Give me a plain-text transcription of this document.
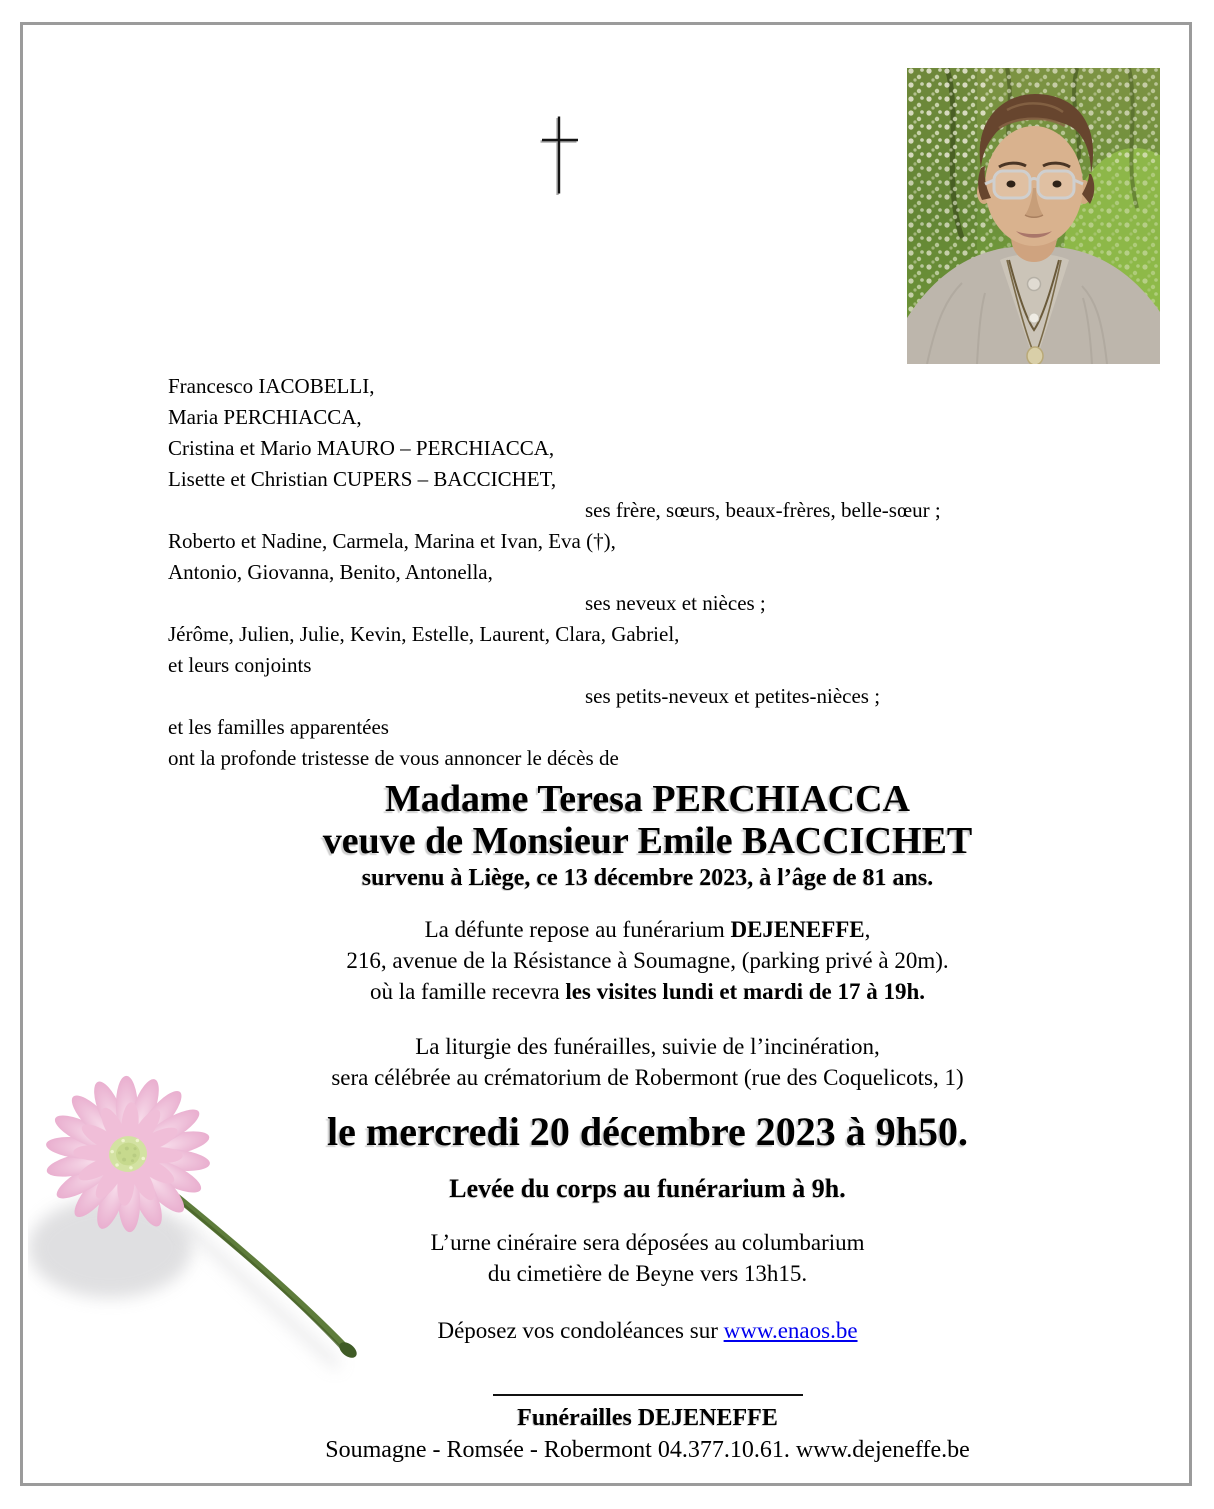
Francesco IACOBELLI,
Maria PERCHIACCA,
Cristina et Mario MAURO – PERCHIACCA,
Lisette et Christian CUPERS – BACCICHET,
ses frère, sœurs, beaux-frères, belle-sœur ;
Roberto et Nadine, Carmela, Marina et Ivan, Eva (†),
Antonio, Giovanna, Benito, Antonella,
ses neveux et nièces ;
Jérôme, Julien, Julie, Kevin, Estelle, Laurent, Clara, Gabriel,
et leurs conjoints
ses petits-neveux et petites-nièces ;
et les familles apparentées
ont la profonde tristesse de vous annoncer le décès de
Madame Teresa PERCHIACCA
veuve de Monsieur Emile BACCICHET
survenu à Liège, ce 13 décembre 2023, à l’âge de 81 ans.
La défunte repose au funérarium DEJENEFFE,
216, avenue de la Résistance à Soumagne, (parking privé à 20m).
où la famille recevra les visites lundi et mardi de 17 à 19h.
La liturgie des funérailles, suivie de l’incinération,
sera célébrée au crématorium de Robermont (rue des Coquelicots, 1)
le mercredi 20 décembre 2023 à 9h50.
Levée du corps au funérarium à 9h.
L’urne cinéraire sera déposées au columbarium
du cimetière de Beyne vers 13h15.
Déposez vos condoléances sur www.enaos.be
Funérailles DEJENEFFE
Soumagne - Romsée - Robermont 04.377.10.61. www.dejeneffe.be
